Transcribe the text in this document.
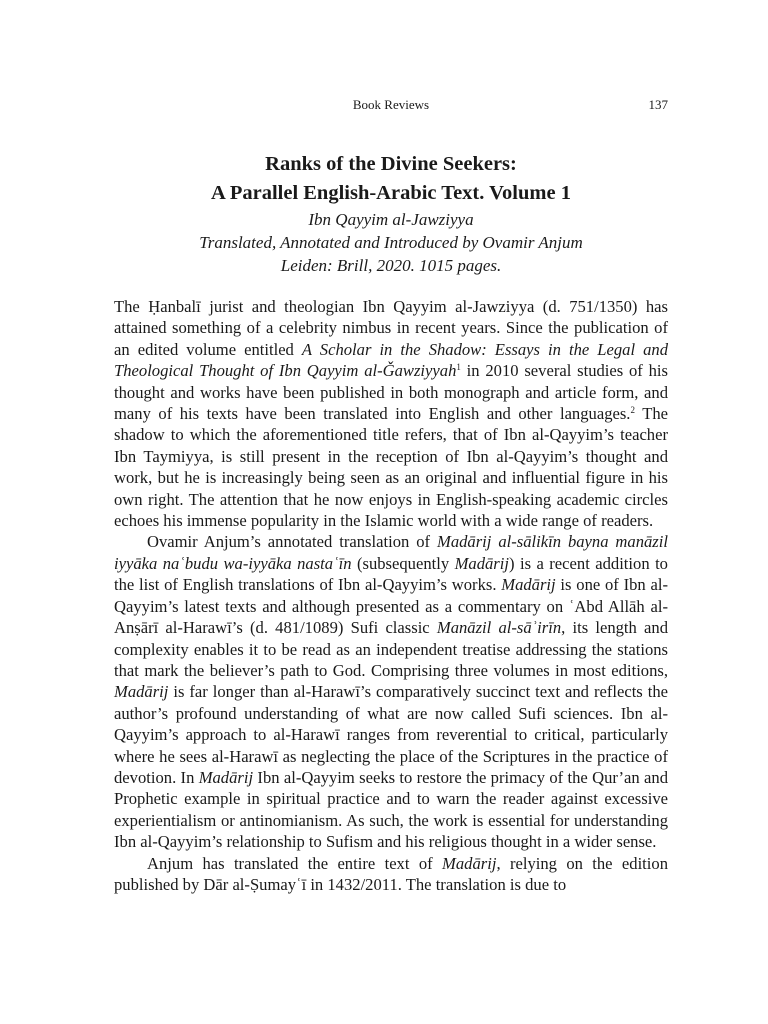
Book Reviews	137
Ranks of the Divine Seekers:
A Parallel English-Arabic Text. Volume 1
Ibn Qayyim al-Jawziyya
Translated, Annotated and Introduced by Ovamir Anjum
Leiden: Brill, 2020. 1015 pages.

The Ḥanbalī jurist and theologian Ibn Qayyim al-Jawziyya (d. 751/1350) has attained something of a celebrity nimbus in recent years. Since the publication of an edited volume entitled A Scholar in the Shadow: Essays in the Legal and Theological Thought of Ibn Qayyim al-Ǧawziyyah$^1$ in 2010 several studies of his thought and works have been published in both monograph and article form, and many of his texts have been translated into English and other languages.$^2$ The shadow to which the aforementioned title refers, that of Ibn al-Qayyim’s teacher Ibn Taymiyya, is still present in the reception of Ibn al-Qayyim’s thought and work, but he is increasingly being seen as an original and influential figure in his own right. The attention that he now enjoys in English-speaking academic circles echoes his immense popularity in the Islamic world with a wide range of readers.

Ovamir Anjum’s annotated translation of Madārij al-sālikīn bayna manāzil iyyāka naʿbudu wa-iyyāka nastaʿīn (subsequently Madārij) is a recent addition to the list of English translations of Ibn al-Qayyim’s works. Madārij is one of Ibn al-Qayyim’s latest texts and although presented as a commentary on ʿAbd Allāh al-Anṣārī al-Harawī’s (d. 481/1089) Sufi classic Manāzil al-sāʾirīn, its length and complexity enables it to be read as an independent treatise addressing the stations that mark the believer’s path to God. Comprising three volumes in most editions, Madārij is far longer than al-Harawī’s comparatively succinct text and reflects the author’s profound understanding of what are now called Sufi sciences. Ibn al-Qayyim’s approach to al-Harawī ranges from reverential to critical, particularly where he sees al-Harawī as neglecting the place of the Scriptures in the practice of devotion. In Madārij Ibn al-Qayyim seeks to restore the primacy of the Qur’an and Prophetic example in spiritual practice and to warn the reader against excessive experientialism or antinomianism. As such, the work is essential for understanding Ibn al-Qayyim’s relationship to Sufism and his religious thought in a wider sense.

Anjum has translated the entire text of Madārij, relying on the edition published by Dār al-Ṣumayʿī in 1432/2011. The translation is due to
